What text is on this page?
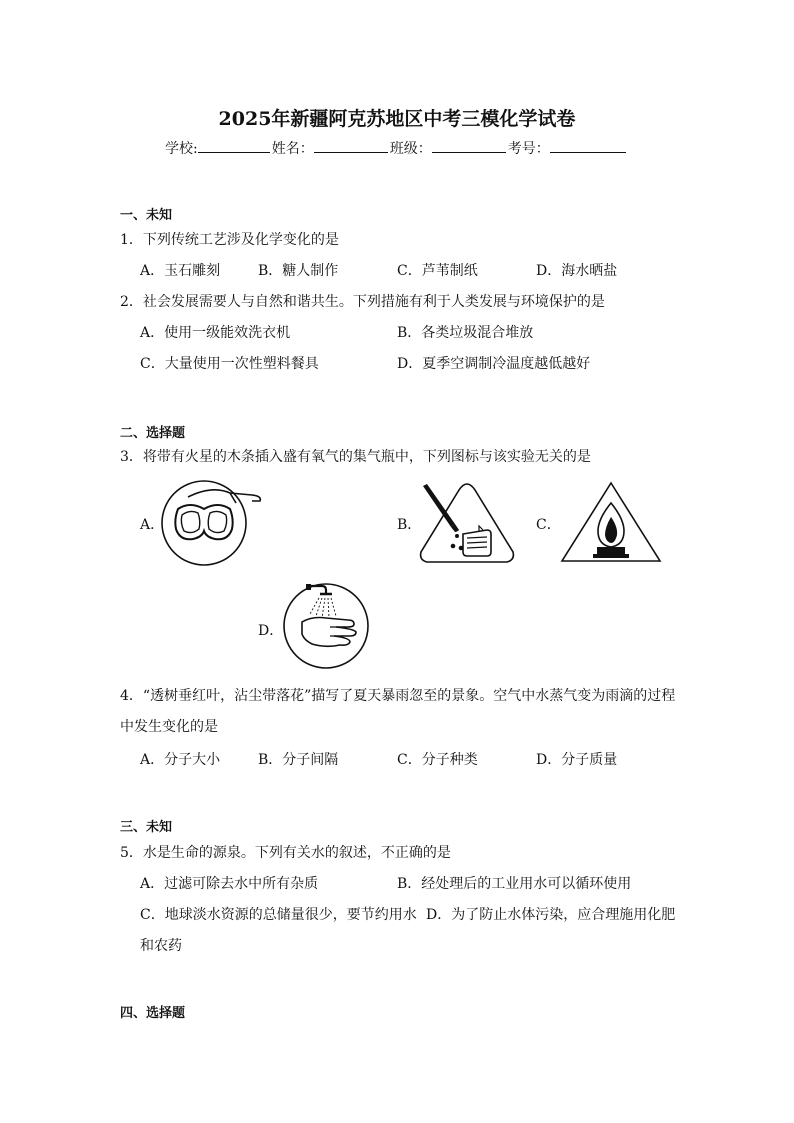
2025年新疆阿克苏地区中考三模化学试卷
学校:	姓名：	班级：	考号：
一、未知
1．下列传统工艺涉及化学变化的是
A．玉石雕刻	B．糖人制作	C．芦苇制纸	D．海水晒盐
2．社会发展需要人与自然和谐共生。下列措施有利于人类发展与环境保护的是
A．使用一级能效洗衣机	B．各类垃圾混合堆放
C．大量使用一次性塑料餐具	D．夏季空调制冷温度越低越好
二、选择题
3．将带有火星的木条插入盛有氧气的集气瓶中，下列图标与该实验无关的是
A．	B．	C．
D．
4．“透树垂红叶，沾尘带落花”描写了夏天暴雨忽至的景象。空气中水蒸气变为雨滴的过程
中发生变化的是
A．分子大小	B．分子间隔	C．分子种类	D．分子质量
三、未知
5．水是生命的源泉。下列有关水的叙述，不正确的是
A．过滤可除去水中所有杂质	B．经处理后的工业用水可以循环使用
C．地球淡水资源的总储量很少，要节约用水 D．为了防止水体污染，应合理施用化肥
和农药
四、选择题
